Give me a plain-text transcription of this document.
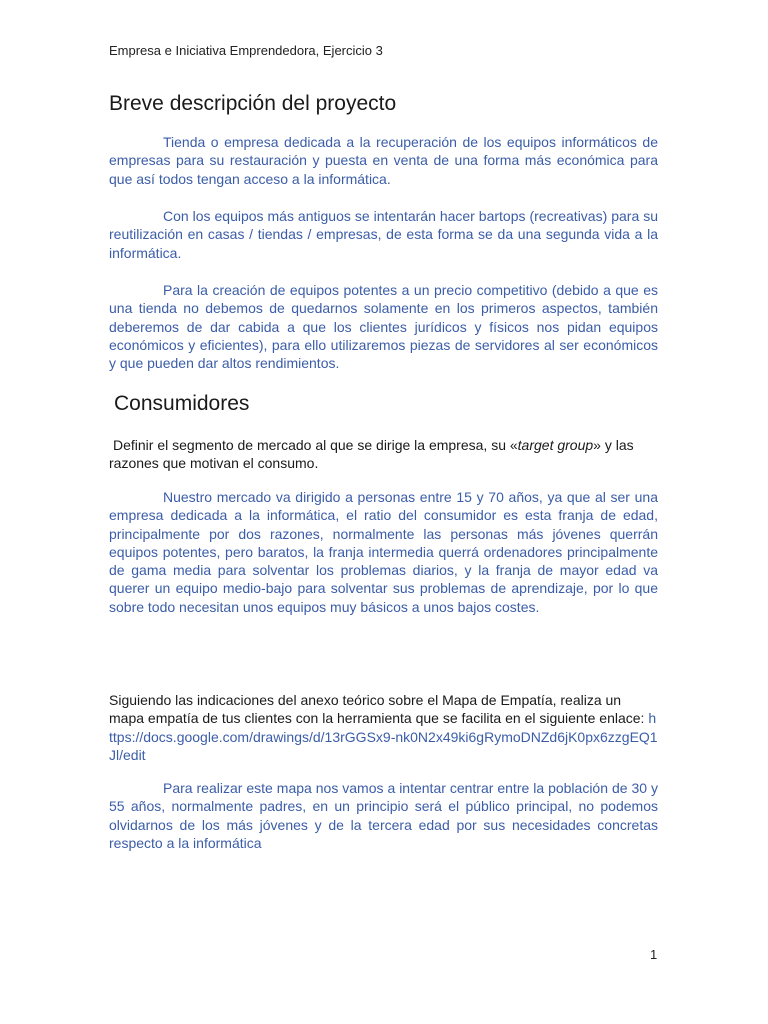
Empresa e Iniciativa Emprendedora, Ejercicio 3
Breve descripción del proyecto

Tienda o empresa dedicada a la recuperación de los equipos informáticos de empresas para su restauración y puesta en venta de una forma más económica para que así todos tengan acceso a la informática.

Con los equipos más antiguos se intentarán hacer bartops (recreativas) para su reutilización en casas / tiendas / empresas, de esta forma se da una segunda vida a la informática.

Para la creación de equipos potentes a un precio competitivo (debido a que es una tienda no debemos de quedarnos solamente en los primeros aspectos, también deberemos de dar cabida a que los clientes jurídicos y físicos nos pidan equipos económicos y eficientes), para ello utilizaremos piezas de servidores al ser económicos y que pueden dar altos rendimientos.

Consumidores

Definir el segmento de mercado al que se dirige la empresa, su «target group» y las razones que motivan el consumo.

Nuestro mercado va dirigido a personas entre 15 y 70 años, ya que al ser una empresa dedicada a la informática, el ratio del consumidor es esta franja de edad, principalmente por dos razones, normalmente las personas más jóvenes querrán equipos potentes, pero baratos, la franja intermedia querrá ordenadores principalmente de gama media para solventar los problemas diarios, y la franja de mayor edad va querer un equipo medio-bajo para solventar sus problemas de aprendizaje, por lo que sobre todo necesitan unos equipos muy básicos a unos bajos costes.

Siguiendo las indicaciones del anexo teórico sobre el Mapa de Empatía, realiza un mapa empatía de tus clientes con la herramienta que se facilita en el siguiente enlace: https://docs.google.com/drawings/d/13rGGSx9-nk0N2x49ki6gRymoDNZd6jK0px6zzgEQ1Jl/edit

Para realizar este mapa nos vamos a intentar centrar entre la población de 30 y 55 años, normalmente padres, en un principio será el público principal, no podemos olvidarnos de los más jóvenes y de la tercera edad por sus necesidades concretas respecto a la informática

1
